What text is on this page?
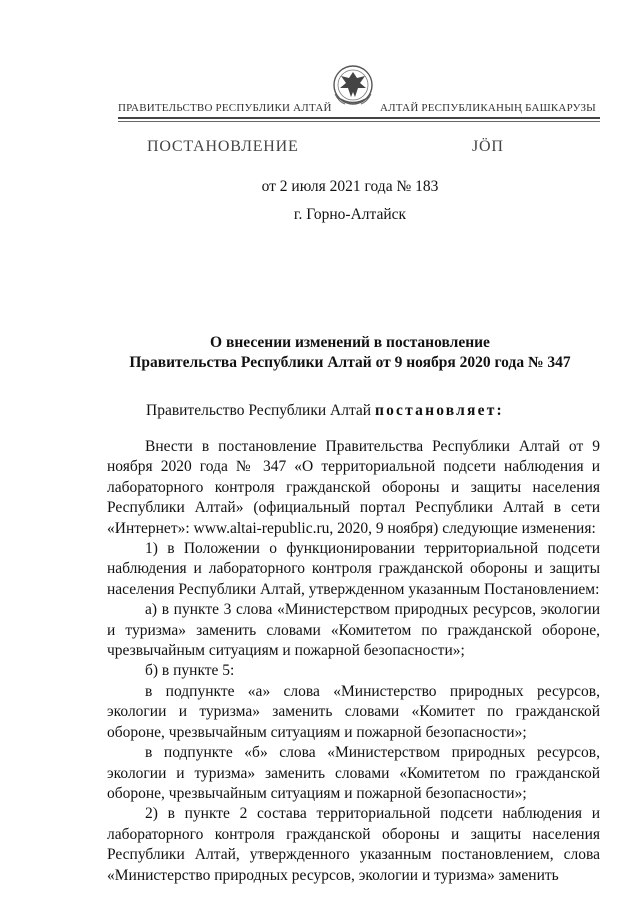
ПРАВИТЕЛЬСТВО РЕСПУБЛИКИ АЛТАЙ	АЛТАЙ РЕСПУБЛИКАНЫҢ БАШКАРУЗЫ
ПОСТАНОВЛЕНИЕ	JÖП
от 2 июля 2021 года № 183
г. Горно-Алтайск
О внесении изменений в постановление
Правительства Республики Алтай от 9 ноября 2020 года № 347
Правительство Республики Алтай постановляет:

Внести в постановление Правительства Республики Алтай от 9 ноября 2020 года № 347 «О территориальной подсети наблюдения и лабораторного контроля гражданской обороны и защиты населения Республики Алтай» (официальный портал Республики Алтай в сети «Интернет»: www.altai-republic.ru, 2020, 9 ноября) следующие изменения:

1) в Положении о функционировании территориальной подсети наблюдения и лабораторного контроля гражданской обороны и защиты населения Республики Алтай, утвержденном указанным Постановлением:

а) в пункте 3 слова «Министерством природных ресурсов, экологии и туризма» заменить словами «Комитетом по гражданской обороне, чрезвычайным ситуациям и пожарной безопасности»;

б) в пункте 5:

в подпункте «а» слова «Министерство природных ресурсов, экологии и туризма» заменить словами «Комитет по гражданской обороне, чрезвычайным ситуациям и пожарной безопасности»;

в подпункте «б» слова «Министерством природных ресурсов, экологии и туризма» заменить словами «Комитетом по гражданской обороне, чрезвычайным ситуациям и пожарной безопасности»;

2) в пункте 2 состава территориальной подсети наблюдения и лабораторного контроля гражданской обороны и защиты населения Республики Алтай, утвержденного указанным постановлением, слова «Министерство природных ресурсов, экологии и туризма» заменить
